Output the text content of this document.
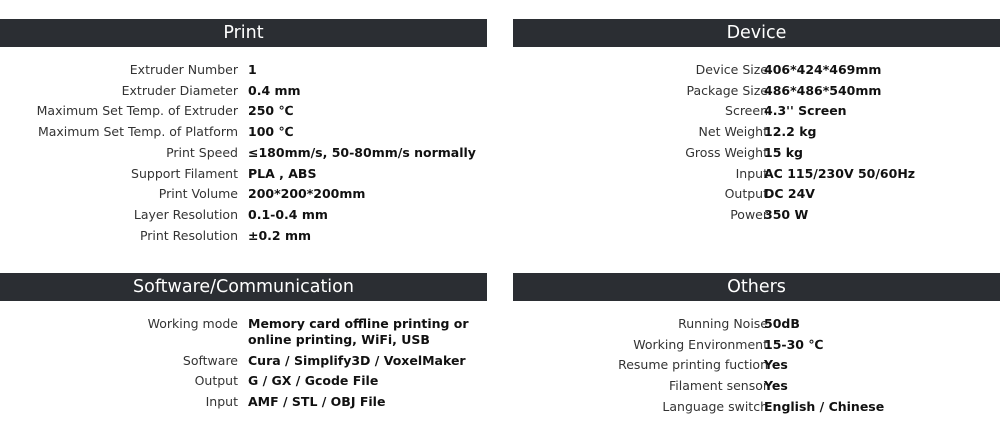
Print
Extruder Number 1
Extruder Diameter 0.4 mm
Maximum Set Temp. of Extruder 250 ℃
Maximum Set Temp. of Platform 100 ℃
Print Speed ≤180mm/s, 50-80mm/s normally
Support Filament PLA , ABS
Print Volume 200*200*200mm
Layer Resolution 0.1-0.4 mm
Print Resolution ±0.2 mm
Device
Device Size
406*424*469mm
Package Size
486*486*540mm
Screen
4.3'' Screen
Net Weight
12.2 kg
Gross Weight
15 kg
Input
AC 115/230V 50/60Hz
Output
DC 24V
Power
350 W
Software/Communication
Working mode Memory card offline printing or online printing, WiFi, USB
Software Cura / Simplify3D / VoxelMaker
Output G / GX / Gcode File
Input AMF / STL / OBJ File
Others
Running Noise
50dB
Working Environment
15-30 ℃
Resume printing fuction
Yes
Filament sensor
Yes
Language switch
English / Chinese
